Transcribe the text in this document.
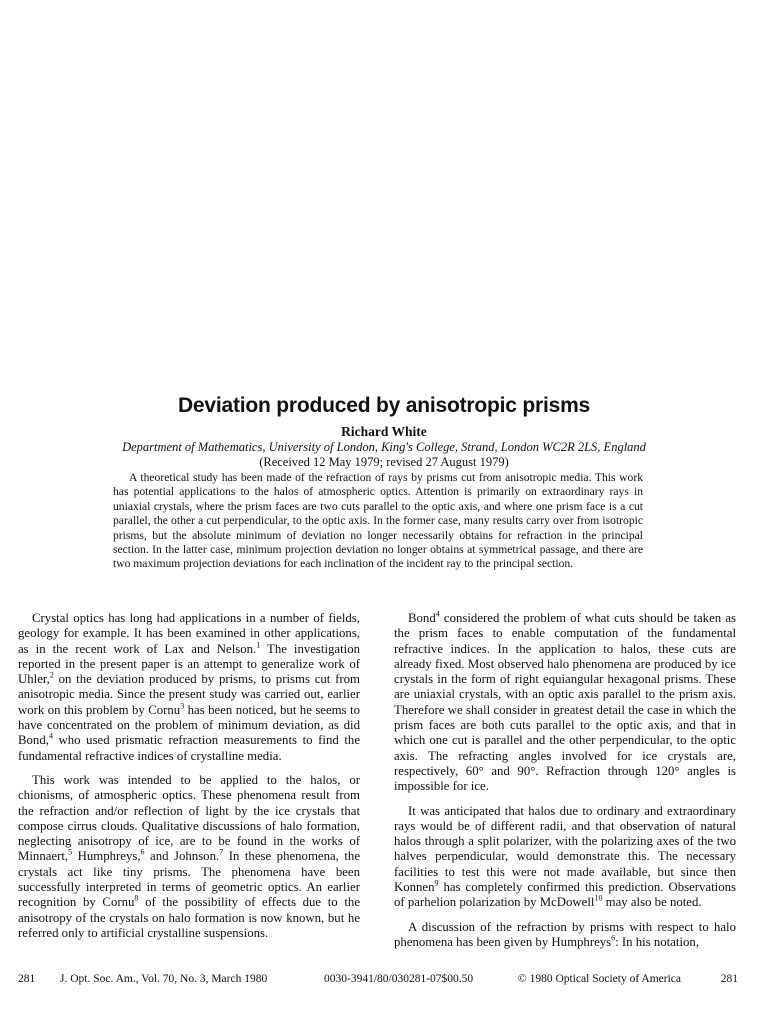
Deviation produced by anisotropic prisms
Richard White
Department of Mathematics, University of London, King's College, Strand, London WC2R 2LS, England
(Received 12 May 1979; revised 27 August 1979)

A theoretical study has been made of the refraction of rays by prisms cut from anisotropic media. This work has potential applications to the halos of atmospheric optics. Attention is primarily on extraordinary rays in uniaxial crystals, where the prism faces are two cuts parallel to the optic axis, and where one prism face is a cut parallel, the other a cut perpendicular, to the optic axis. In the former case, many results carry over from isotropic prisms, but the absolute minimum of deviation no longer necessarily obtains for refraction in the principal section. In the latter case, minimum projection deviation no longer obtains at symmetrical passage, and there are two maximum projection deviations for each inclination of the incident ray to the principal section.

Crystal optics has long had applications in a number of fields, geology for example. It has been examined in other applications, as in the recent work of Lax and Nelson.$^1$ The investigation reported in the present paper is an attempt to generalize work of Uhler,$^2$ on the deviation produced by prisms, to prisms cut from anisotropic media. Since the present study was carried out, earlier work on this problem by Cornu$^3$ has been noticed, but he seems to have concentrated on the problem of minimum deviation, as did Bond,$^4$ who used prismatic refraction measurements to find the fundamental refractive indices of crystalline media.

This work was intended to be applied to the halos, or chionisms, of atmospheric optics. These phenomena result from the refraction and/or reflection of light by the ice crystals that compose cirrus clouds. Qualitative discussions of halo formation, neglecting anisotropy of ice, are to be found in the works of Minnaert,$^5$ Humphreys,$^6$ and Johnson.$^7$ In these phenomena, the crystals act like tiny prisms. The phenomena have been successfully interpreted in terms of geometric optics. An earlier recognition by Cornu$^8$ of the possibility of effects due to the anisotropy of the crystals on halo formation is now known, but he referred only to artificial crystalline suspensions.

Bond$^4$ considered the problem of what cuts should be taken as the prism faces to enable computation of the fundamental refractive indices. In the application to halos, these cuts are already fixed. Most observed halo phenomena are produced by ice crystals in the form of right equiangular hexagonal prisms. These are uniaxial crystals, with an optic axis parallel to the prism axis. Therefore we shall consider in greatest detail the case in which the prism faces are both cuts parallel to the optic axis, and that in which one cut is parallel and the other perpendicular, to the optic axis. The refracting angles involved for ice crystals are, respectively, 60° and 90°. Refraction through 120° angles is impossible for ice.

It was anticipated that halos due to ordinary and extraordinary rays would be of different radii, and that observation of natural halos through a split polarizer, with the polarizing axes of the two halves perpendicular, would demonstrate this. The necessary facilities to test this were not made available, but since then Konnen$^9$ has completely confirmed this prediction. Observations of parhelion polarization by McDowell$^{10}$ may also be noted.

A discussion of the refraction by prisms with respect to halo phenomena has been given by Humphreys$^6$: In his notation,

281 J. Opt. Soc. Am., Vol. 70, No. 3, March 1980	0030-3941/80/030281-07$00.50	© 1980 Optical Society of America	281
